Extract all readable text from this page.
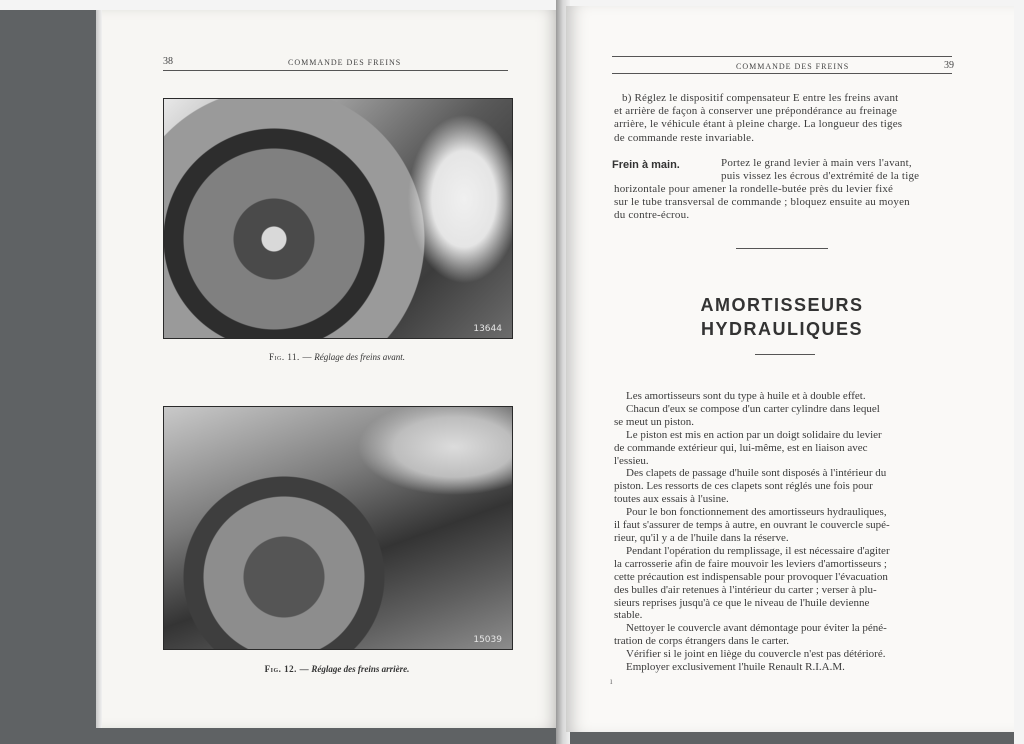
38	COMMANDE DES FREINS
13644
Fig. 11. — Réglage des freins avant.
15039
Fig. 12. — Réglage des freins arrière.
COMMANDE DES FREINS	39
b) Réglez le dispositif compensateur E entre les freins avant
et arrière de façon à conserver une prépondérance au freinage
arrière, le véhicule étant à pleine charge. La longueur des tiges
de commande reste invariable.
Frein à main.	Portez le grand levier à main vers l'avant,
puis vissez les écrous d'extrémité de la tige
horizontale pour amener la rondelle-butée près du levier fixé
sur le tube transversal de commande ; bloquez ensuite au moyen
du contre-écrou.
AMORTISSEURS
HYDRAULIQUES
Les amortisseurs sont du type à huile et à double effet.
Chacun d'eux se compose d'un carter cylindre dans lequel
se meut un piston.
Le piston est mis en action par un doigt solidaire du levier
de commande extérieur qui, lui-même, est en liaison avec
l'essieu.
Des clapets de passage d'huile sont disposés à l'intérieur du
piston. Les ressorts de ces clapets sont réglés une fois pour
toutes aux essais à l'usine.
Pour le bon fonctionnement des amortisseurs hydrauliques,
il faut s'assurer de temps à autre, en ouvrant le couvercle supé-
rieur, qu'il y a de l'huile dans la réserve.
Pendant l'opération du remplissage, il est nécessaire d'agiter
la carrosserie afin de faire mouvoir les leviers d'amortisseurs ;
cette précaution est indispensable pour provoquer l'évacuation
des bulles d'air retenues à l'intérieur du carter ; verser à plu-
sieurs reprises jusqu'à ce que le niveau de l'huile devienne
stable.
Nettoyer le couvercle avant démontage pour éviter la péné-
tration de corps étrangers dans le carter.
Vérifier si le joint en liège du couvercle n'est pas détérioré.
Employer exclusivement l'huile Renault R.I.A.M.
ı
